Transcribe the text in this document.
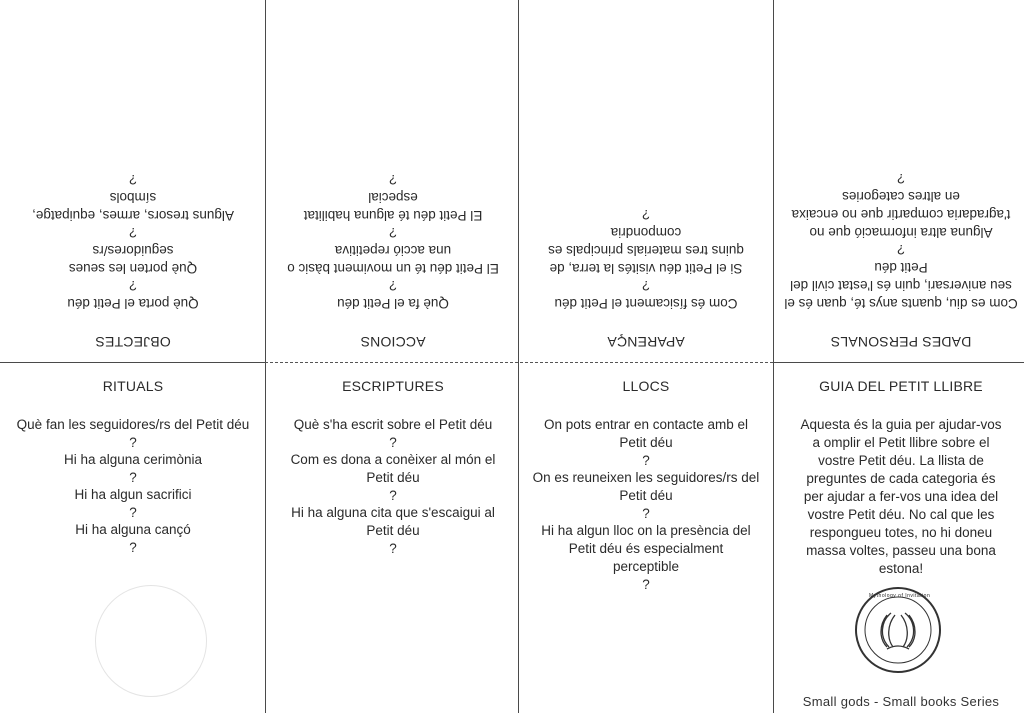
OBJECTES
Què porta el Petit déu
?
Què porten les seues seguidores/rs
?
Alguns tresors, armes, equipatge, símbols
?
ACCIONS
Què fa el Petit déu
?
El Petit déu té un moviment bàsic o una acció repetitiva
?
El Petit déu té alguna habilitat especial
?
APARENÇA
Com és físicament el Petit déu
?
Si el Petit déu visités la terra, de quins tres materials principals es compondria
?
DADES PERSONALS
Com es diu, quants anys té, quan és el seu aniversari, quin és l'estat civil del Petit déu
?
Alguna altra informació que no t'agradaria compartir que no encaixa en altres categories
?
RITUALS
Què fan les seguidores/rs del Petit déu
?
Hi ha alguna cerimònia
?
Hi ha algun sacrifici
?
Hi ha alguna cançó
?
ESCRIPTURES
Què s'ha escrit sobre el Petit déu
?
Com es dona a conèixer al món el Petit déu
?
Hi ha alguna cita que s'escaigui al Petit déu
?
LLOCS
On pots entrar en contacte amb el Petit déu
?
On es reuneixen les seguidores/rs del Petit déu
?
Hi ha algun lloc on la presència del Petit déu és especialment perceptible
?
GUIA DEL PETIT LLIBRE
Aquesta és la guia per ajudar-vos a omplir el Petit llibre sobre el vostre Petit déu. La llista de preguntes de cada categoria és per ajudar a fer-vos una idea del vostre Petit déu. No cal que les respongueu totes, no hi doneu massa voltes, passeu una bona estona!
Mythology of Invitation
Small gods - Small books Series
